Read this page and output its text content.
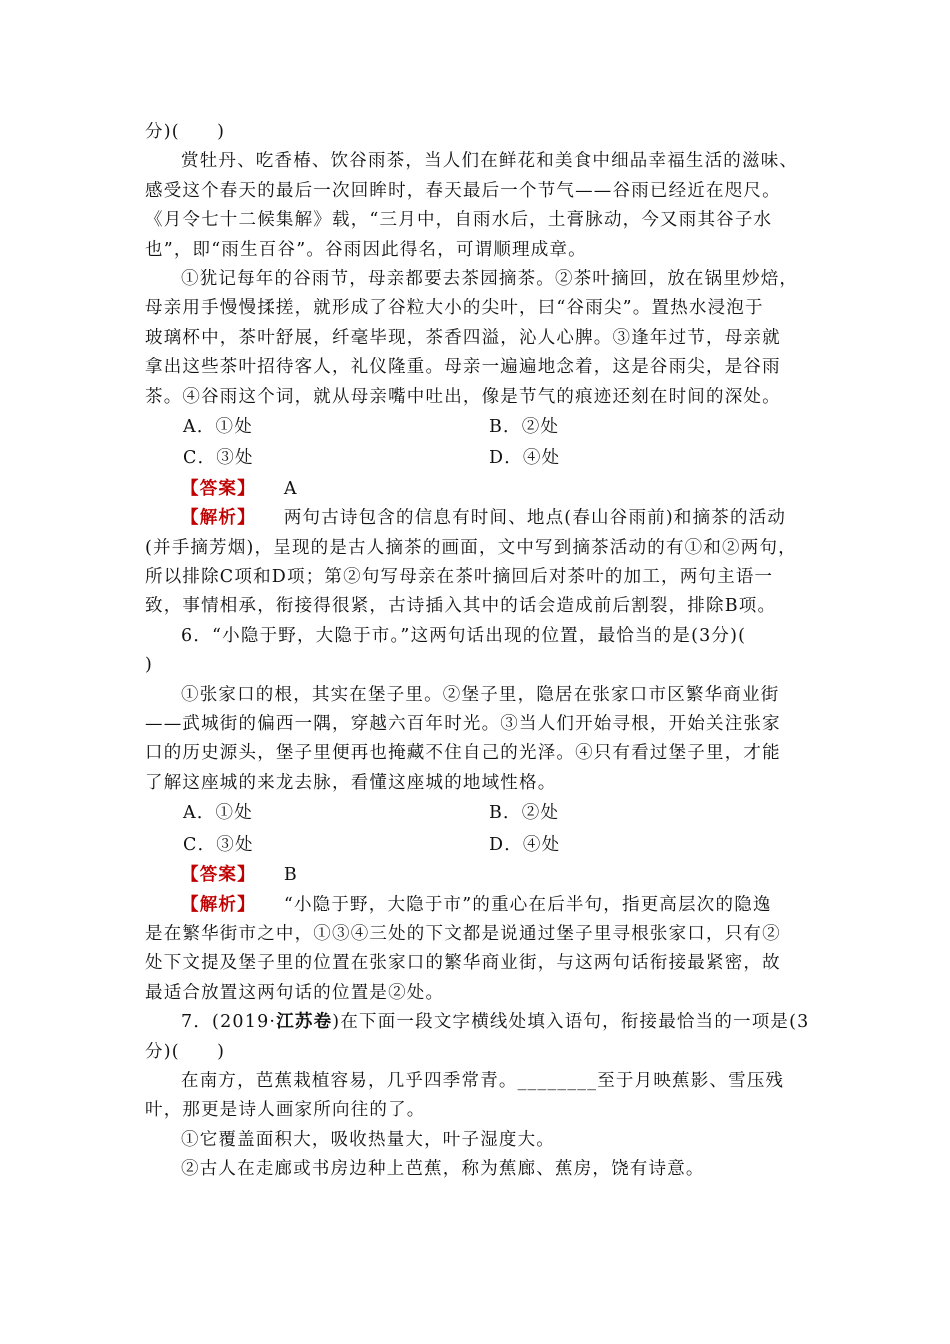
分)(　　)
赏牡丹、吃香椿、饮谷雨茶，当人们在鲜花和美食中细品幸福生活的滋味、
感受这个春天的最后一次回眸时，春天最后一个节气——谷雨已经近在咫尺。
《月令七十二候集解》载，“三月中，自雨水后，土膏脉动，今又雨其谷子水
也”，即“雨生百谷”。谷雨因此得名，可谓顺理成章。
①犹记每年的谷雨节，母亲都要去茶园摘茶。②茶叶摘回，放在锅里炒焙，
母亲用手慢慢揉搓，就形成了谷粒大小的尖叶，曰“谷雨尖”。置热水浸泡于
玻璃杯中，茶叶舒展，纤毫毕现，茶香四溢，沁人心脾。③逢年过节，母亲就
拿出这些茶叶招待客人，礼仪隆重。母亲一遍遍地念着，这是谷雨尖，是谷雨
茶。④谷雨这个词，就从母亲嘴中吐出，像是节气的痕迹还刻在时间的深处。
A．①处	B．②处
C．③处	D．④处
【答案】 A
【解析】 两句古诗包含的信息有时间、地点(春山谷雨前)和摘茶的活动
(并手摘芳烟)，呈现的是古人摘茶的画面，文中写到摘茶活动的有①和②两句，
所以排除C项和D项；第②句写母亲在茶叶摘回后对茶叶的加工，两句主语一
致，事情相承，衔接得很紧，古诗插入其中的话会造成前后割裂，排除B项。
6．“小隐于野，大隐于市。”这两句话出现的位置，最恰当的是(3分)(
)
①张家口的根，其实在堡子里。②堡子里，隐居在张家口市区繁华商业街
——武城街的偏西一隅，穿越六百年时光。③当人们开始寻根，开始关注张家
口的历史源头，堡子里便再也掩藏不住自己的光泽。④只有看过堡子里，才能
了解这座城的来龙去脉，看懂这座城的地域性格。
A．①处	B．②处
C．③处	D．④处
【答案】 B
【解析】 “小隐于野，大隐于市”的重心在后半句，指更高层次的隐逸
是在繁华街市之中，①③④三处的下文都是说通过堡子里寻根张家口，只有②
处下文提及堡子里的位置在张家口的繁华商业街，与这两句话衔接最紧密，故
最适合放置这两句话的位置是②处。
7．(2019·江苏卷)在下面一段文字横线处填入语句，衔接最恰当的一项是(3
分)(　　)
在南方，芭蕉栽植容易，几乎四季常青。________至于月映蕉影、雪压残
叶，那更是诗人画家所向往的了。
①它覆盖面积大，吸收热量大，叶子湿度大。
②古人在走廊或书房边种上芭蕉，称为蕉廊、蕉房，饶有诗意。
